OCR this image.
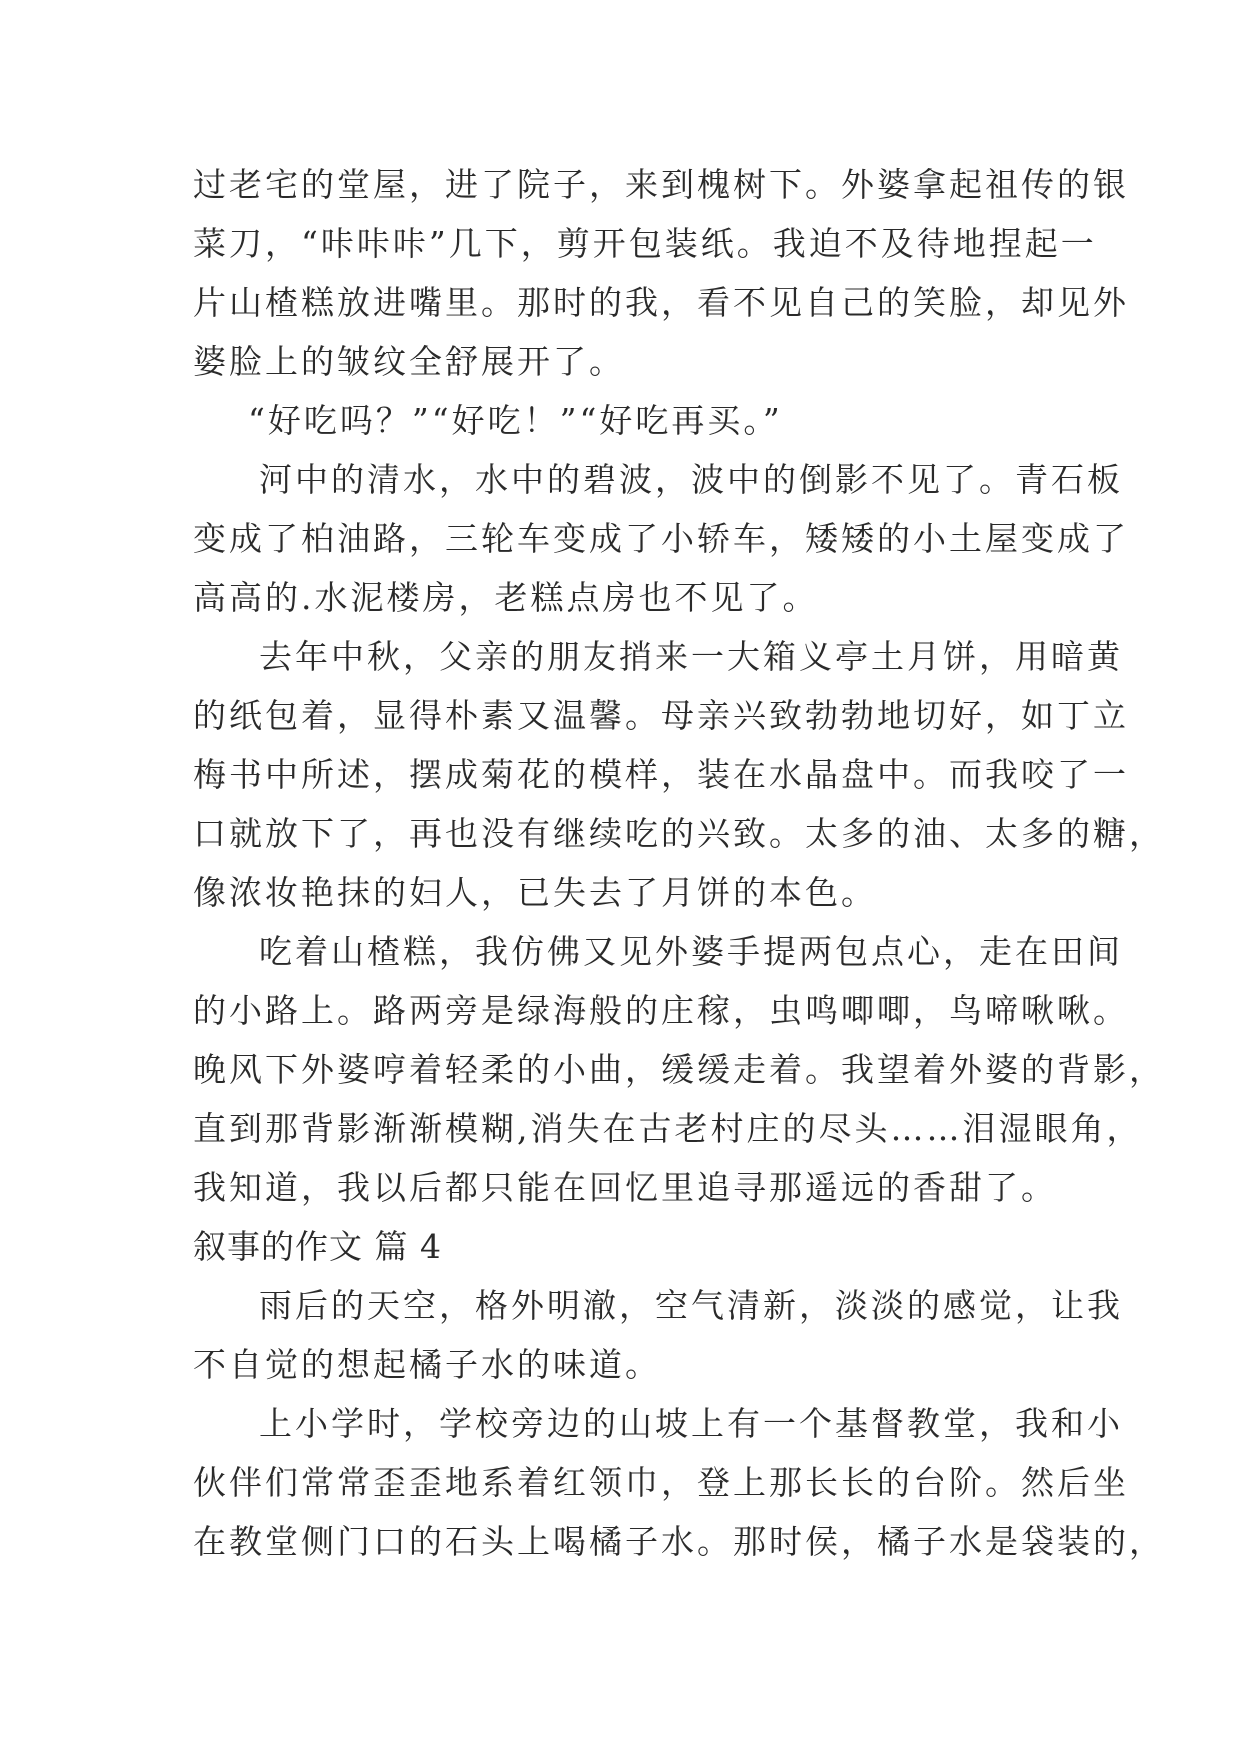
过老宅的堂屋，进了院子，来到槐树下。外婆拿起祖传的银
菜刀，“咔咔咔”几下，剪开包装纸。我迫不及待地捏起一
片山楂糕放进嘴里。那时的我，看不见自己的笑脸，却见外
婆脸上的皱纹全舒展开了。
“好吃吗？”“好吃！”“好吃再买。”
河中的清水，水中的碧波，波中的倒影不见了。青石板
变成了柏油路，三轮车变成了小轿车，矮矮的小土屋变成了
高高的.水泥楼房，老糕点房也不见了。
去年中秋，父亲的朋友捎来一大箱义亭土月饼，用暗黄
的纸包着，显得朴素又温馨。母亲兴致勃勃地切好，如丁立
梅书中所述，摆成菊花的模样，装在水晶盘中。而我咬了一
口就放下了，再也没有继续吃的兴致。太多的油、太多的糖，
像浓妆艳抹的妇人，已失去了月饼的本色。
吃着山楂糕，我仿佛又见外婆手提两包点心，走在田间
的小路上。路两旁是绿海般的庄稼，虫鸣唧唧，鸟啼啾啾。
晚风下外婆哼着轻柔的小曲，缓缓走着。我望着外婆的背影，
直到那背影渐渐模糊,消失在古老村庄的尽头……泪湿眼角，
我知道，我以后都只能在回忆里追寻那遥远的香甜了。
叙事的作文 篇 4
雨后的天空，格外明澈，空气清新，淡淡的感觉，让我
不自觉的想起橘子水的味道。
上小学时，学校旁边的山坡上有一个基督教堂，我和小
伙伴们常常歪歪地系着红领巾，登上那长长的台阶。然后坐
在教堂侧门口的石头上喝橘子水。那时侯，橘子水是袋装的，
